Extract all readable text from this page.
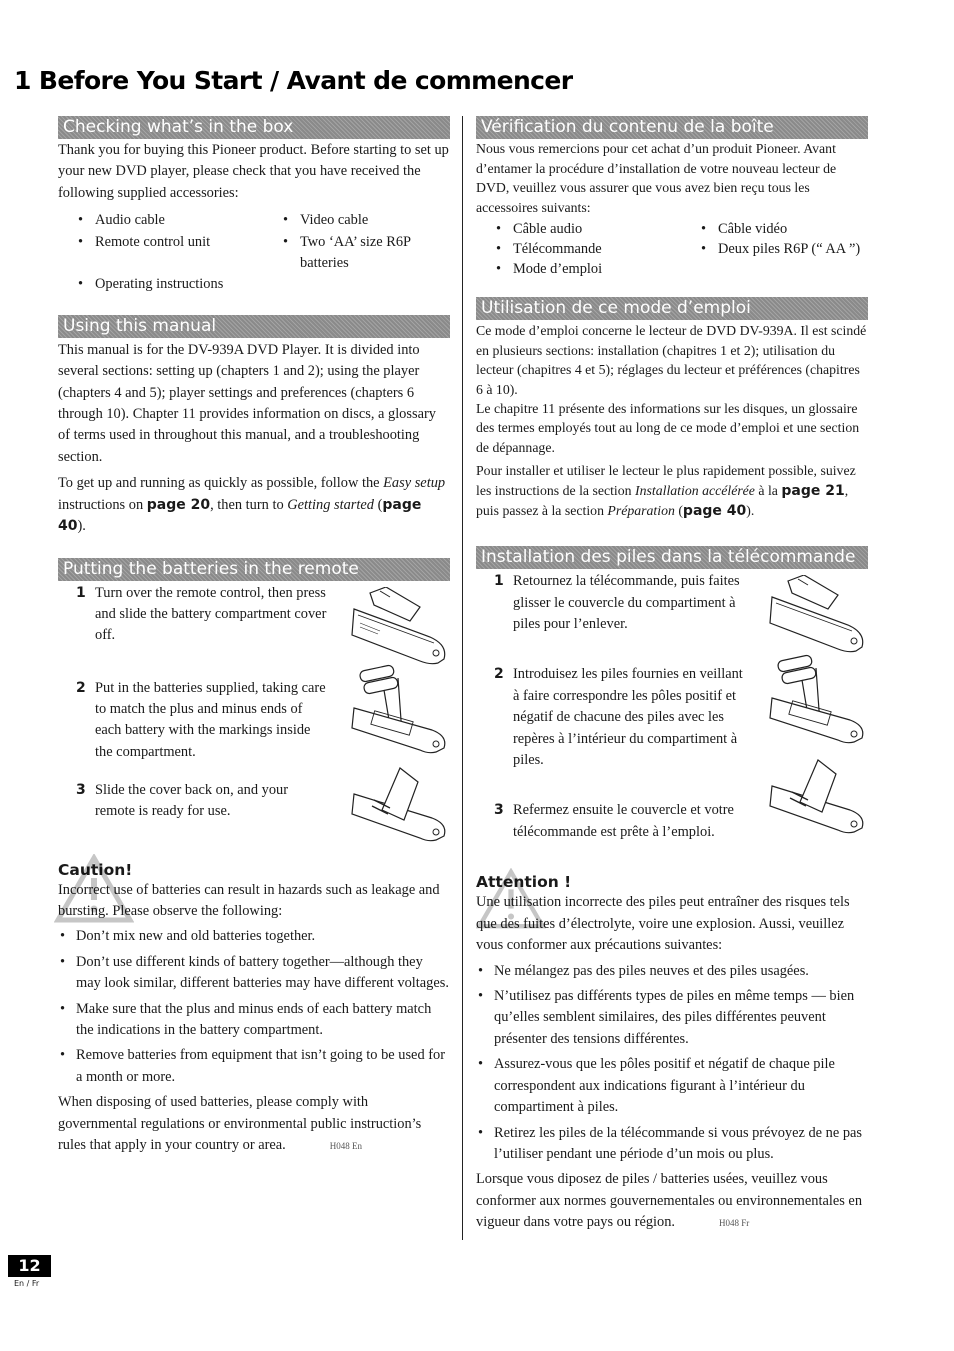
1 Before You Start / Avant de commencer
Checking what’s in the box

Thank you for buying this Pioneer product. Before starting to set up your new DVD player, please check that you have received the following supplied accessories:

• Audio cable	• Video cable
• Remote control unit	• Two ‘AA’ size R6P batteries
• Operating instructions
Using this manual

This manual is for the DV-939A DVD Player. It is divided into several sections: setting up (chapters 1 and 2); using the player (chapters 4 and 5); player settings and preferences (chapters 6 through 10). Chapter 11 provides information on discs, a glossary of terms used in throughout this manual, and a troubleshooting section.

To get up and running as quickly as possible, follow the Easy setup instructions on page 20, then turn to Getting started (page 40).

Putting the batteries in the remote
1 Turn over the remote control, then press and slide the battery compartment cover off.
2 Put in the batteries supplied, taking care to match the plus and minus ends of each battery with the markings inside the compartment.
3 Slide the cover back on, and your remote is ready for use.

Caution!

Incorrect use of batteries can result in hazards such as leakage and bursting. Please observe the following:

• Don’t mix new and old batteries together.
• Don’t use different kinds of battery together—although they may look similar, different batteries may have different voltages.
• Make sure that the plus and minus ends of each battery match the indications in the battery compartment.
• Remove batteries from equipment that isn’t going to be used for a month or more.

When disposing of used batteries, please comply with governmental regulations or environmental public instruction’s rules that apply in your country or area.	H048 En

Vérification du contenu de la boîte

Nous vous remercions pour cet achat d’un produit Pioneer. Avant d’entamer la procédure d’installation de votre nouveau lecteur de DVD, veuillez vous assurer que vous avez bien reçu tous les accessoires suivants:

• Câble audio	• Câble vidéo
• Télécommande	• Deux piles R6P (“ AA ”)
• Mode d’emploi
Utilisation de ce mode d’emploi

Ce mode d’emploi concerne le lecteur de DVD DV-939A. Il est scindé en plusieurs sections: installation (chapitres 1 et 2); utilisation du lecteur (chapitres 4 et 5); réglages du lecteur et préférences (chapitres 6 à 10).

Le chapitre 11 présente des informations sur les disques, un glossaire des termes employés tout au long de ce mode d’emploi et une section de dépannage.

Pour installer et utiliser le lecteur le plus rapidement possible, suivez les instructions de la section Installation accélérée à la page 21, puis passez à la section Préparation (page 40).

Installation des piles dans la télécommande
1 Retournez la télécommande, puis faites glisser le couvercle du compartiment à piles pour l’enlever.
2 Introduisez les piles fournies en veillant à faire correspondre les pôles positif et négatif de chacune des piles avec les repères à l’intérieur du compartiment à piles.
3 Refermez ensuite le couvercle et votre télécommande est prête à l’emploi.

Attention !

Une utilisation incorrecte des piles peut entraîner des risques tels que des fuites d’électrolyte, voire une explosion. Aussi, veuillez vous conformer aux précautions suivantes:

• Ne mélangez pas des piles neuves et des piles usagées.
• N’utilisez pas différents types de piles en même temps — bien qu’elles semblent similaires, des piles différentes peuvent présenter des tensions différentes.
• Assurez-vous que les pôles positif et négatif de chaque pile correspondent aux indications figurant à l’intérieur du compartiment à piles.
• Retirez les piles de la télécommande si vous prévoyez de ne pas l’utiliser pendant une période d’un mois ou plus.

Lorsque vous diposez de piles / batteries usées, veuillez vous conformer aux normes gouvernementales ou environnementales en vigueur dans votre pays ou région.	H048 Fr

12
En / Fr
